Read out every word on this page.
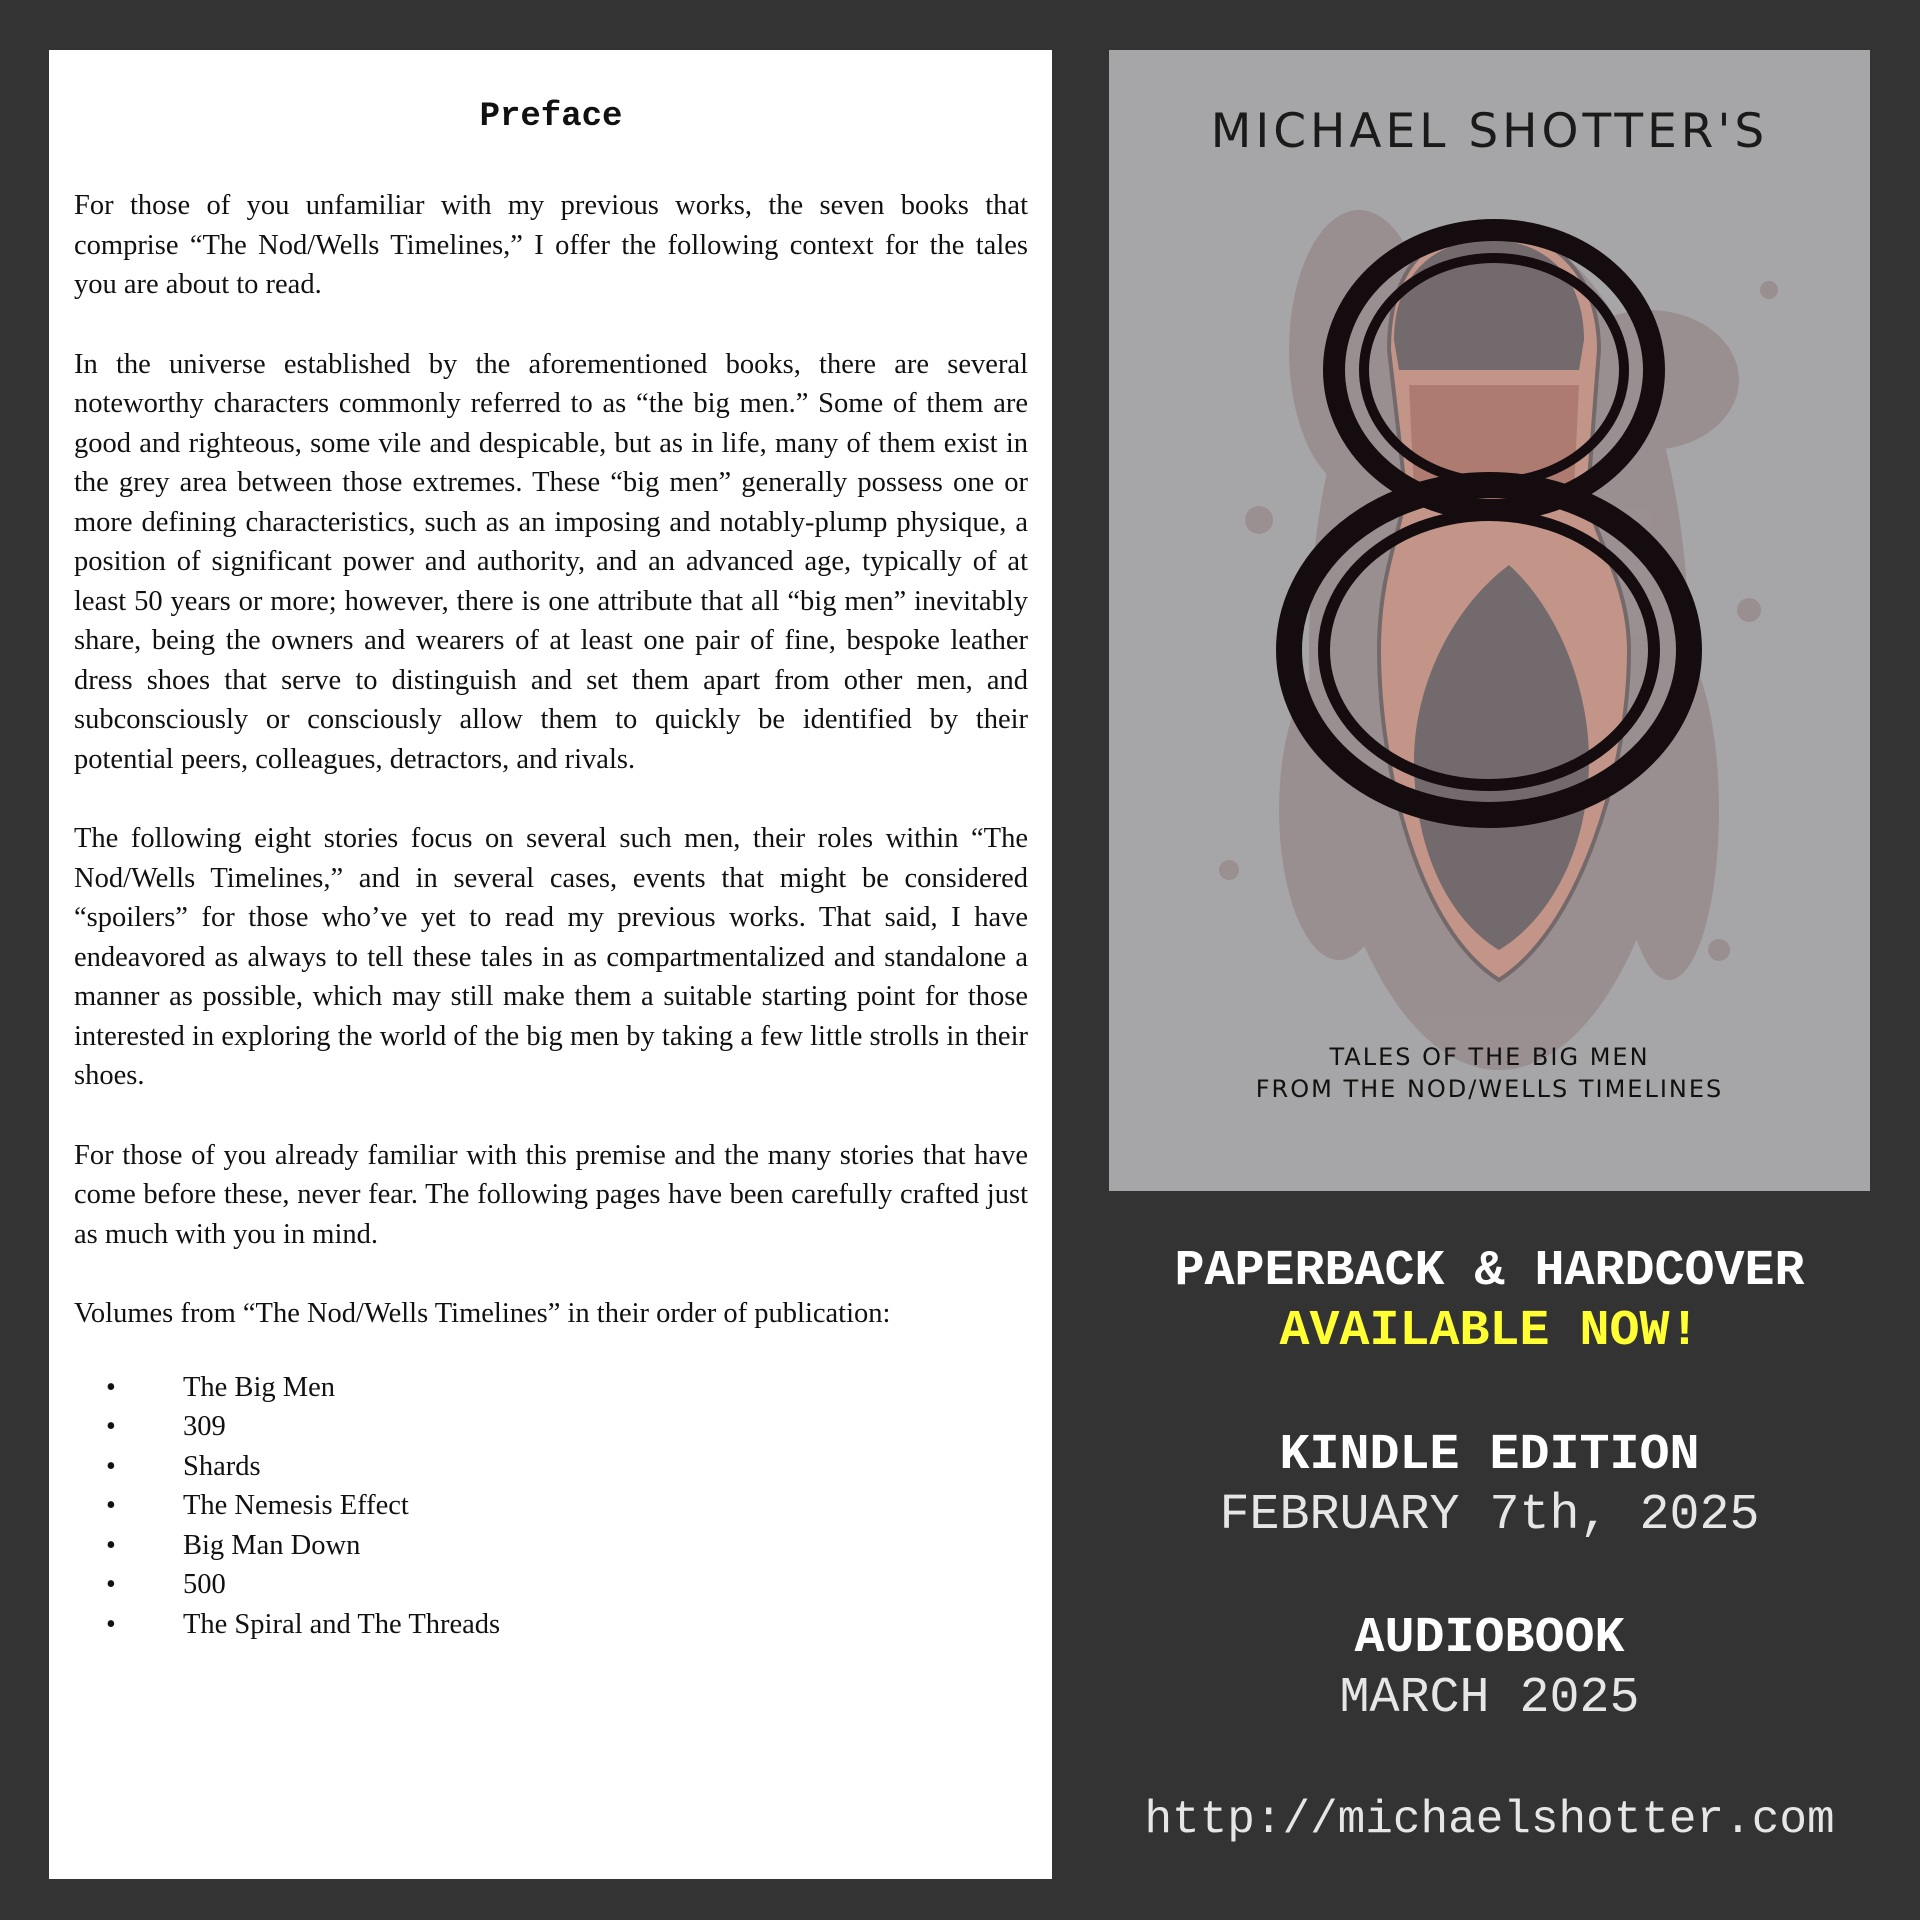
Preface

For those of you unfamiliar with my previous works, the seven books that comprise “The Nod/Wells Timelines,” I offer the following context for the tales you are about to read.

In the universe established by the aforementioned books, there are several noteworthy characters commonly referred to as “the big men.” Some of them are good and righteous, some vile and despicable, but as in life, many of them exist in the grey area between those extremes. These “big men” generally possess one or more defining characteristics, such as an imposing and notably-plump physique, a position of significant power and authority, and an advanced age, typically of at least 50 years or more; however, there is one attribute that all “big men” inevitably share, being the owners and wearers of at least one pair of fine, bespoke leather dress shoes that serve to distinguish and set them apart from other men, and subconsciously or consciously allow them to quickly be identified by their potential peers, colleagues, detractors, and rivals.

The following eight stories focus on several such men, their roles within “The Nod/Wells Timelines,” and in several cases, events that might be considered “spoilers” for those who’ve yet to read my previous works. That said, I have endeavored as always to tell these tales in as compartmentalized and standalone a manner as possible, which may still make them a suitable starting point for those interested in exploring the world of the big men by taking a few little strolls in their shoes.

For those of you already familiar with this premise and the many stories that have come before these, never fear. The following pages have been carefully crafted just as much with you in mind.

Volumes from “The Nod/Wells Timelines” in their order of publication:

• The Big Men
• 309
• Shards
• The Nemesis Effect
• Big Man Down
• 500
• The Spiral and The Threads
MICHAEL SHOTTER'S
TALES OF THE BIG MEN
FROM THE NOD/WELLS TIMELINES
PAPERBACK & HARDCOVER
AVAILABLE NOW!
KINDLE EDITION
FEBRUARY 7th, 2025
AUDIOBOOK
MARCH 2025
http://michaelshotter.com
